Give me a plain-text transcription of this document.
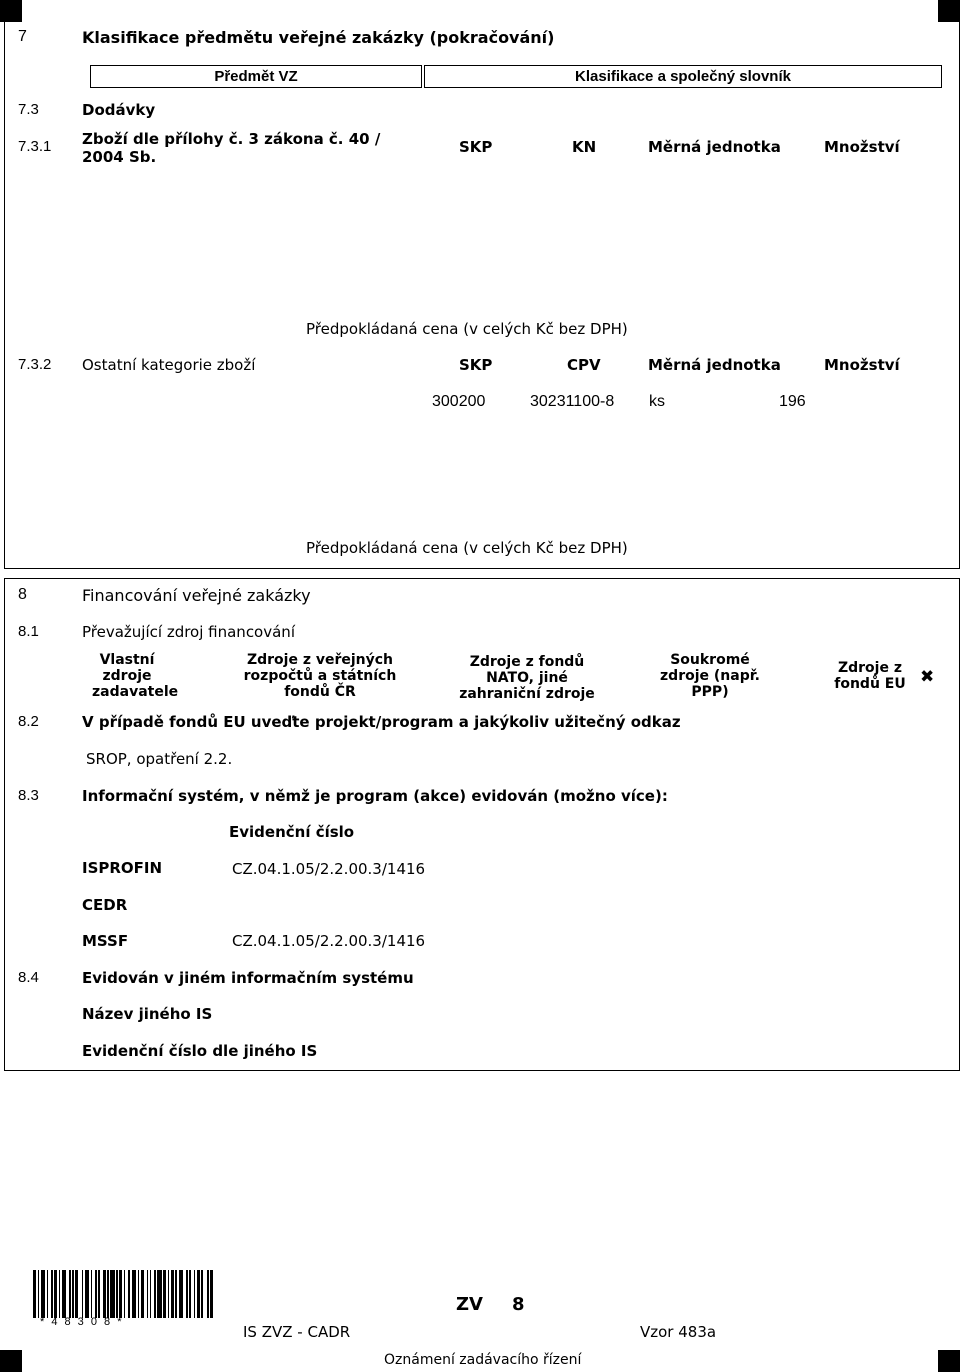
7	Klasifikace předmětu veřejné zakázky (pokračování)
Předmět VZ	Klasifikace a společný slovník
7.3	Dodávky
7.3.1 Zboží dle přílohy č. 3 zákona č. 40 / 2004 Sb.
SKP	KN	Měrná jednotka	Množství
Předpokládaná cena (v celých Kč bez DPH)
7.3.2 Ostatní kategorie zboží	SKP	CPV	Měrná jednotka	Množství
300200	30231100-8 ks	196
Předpokládaná cena (v celých Kč bez DPH)
8	Financování veřejné zakázky
8.1	Převažující zdroj financování
Vlastní zdroje zadavatele
Zdroje z veřejných rozpočtů a státních fondů ČR
Zdroje z fondů NATO, jiné zahraniční zdroje
Soukromé zdroje (např. PPP)
Zdroje z fondů EU ✖
8.2	V případě fondů EU uveďte projekt/program a jakýkoliv užitečný odkaz
SROP, opatření 2.2.
8.3	Informační systém, v němž je program (akce) evidován (možno více):
Evidenční číslo
ISPROFIN	CZ.04.1.05/2.2.00.3/1416
CEDR
MSSF	CZ.04.1.05/2.2.00.3/1416
8.4	Evidován v jiném informačním systému
Název jiného IS
Evidenční číslo dle jiného IS
* 4 8 3 0 8 *
ZV 8
IS ZVZ - CADR	Vzor 483a
Oznámení zadávacího řízení
